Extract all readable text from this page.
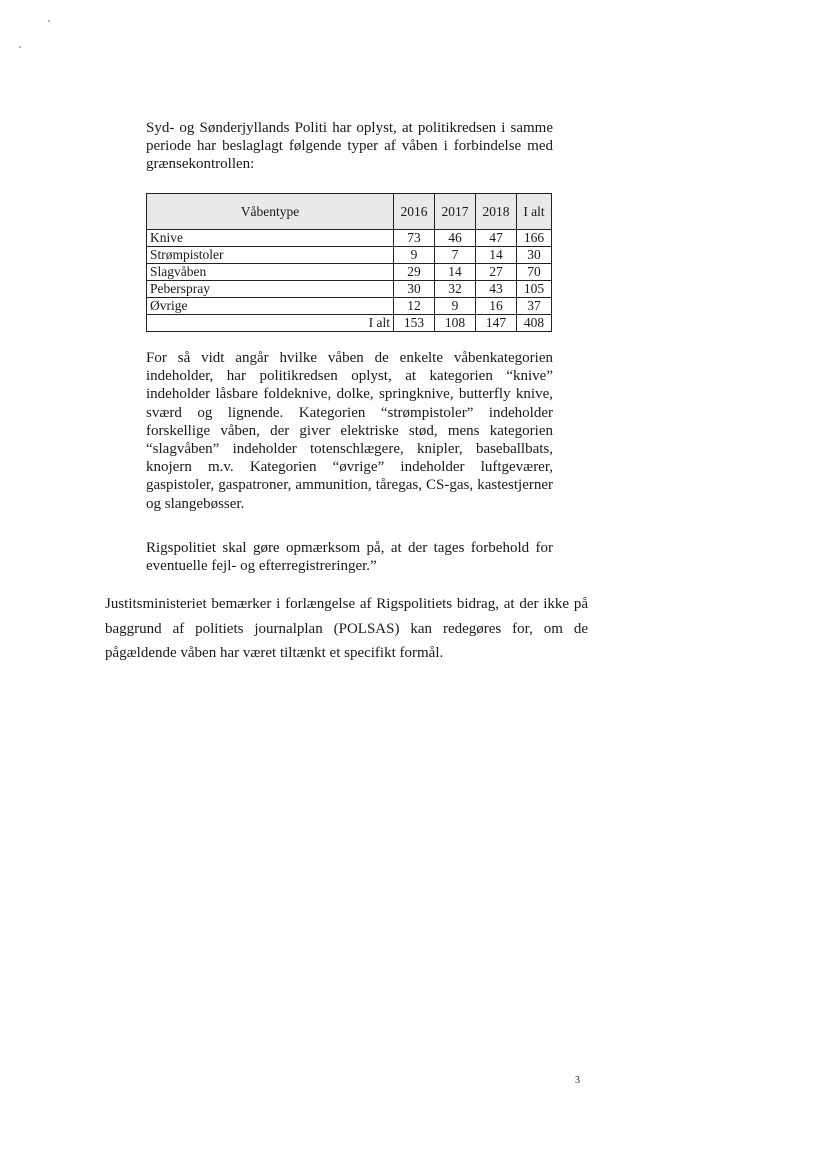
Syd- og Sønderjyllands Politi har oplyst, at politikredsen i samme periode har beslaglagt følgende typer af våben i forbindelse med grænsekontrollen:

Våbentype	2016	2017	2018	I alt
Knive	73	46	47	166
Strømpistoler	9	7	14	30
Slagvåben	29	14	27	70
Peberspray	30	32	43	105
Øvrige	12	9	16	37
I alt	153	108	147	408

For så vidt angår hvilke våben de enkelte våbenkategorien indeholder, har politikredsen oplyst, at kategorien “knive” indeholder låsbare foldeknive, dolke, springknive, butterfly knive, sværd og lignende. Kategorien “strømpistoler” indeholder forskellige våben, der giver elektriske stød, mens kategorien “slagvåben” indeholder totenschlægere, knipler, baseballbats, knojern m.v. Kategorien “øvrige” indeholder luftgeværer, gaspistoler, gaspatroner, ammunition, tåregas, CS-gas, kastestjerner og slangebøsser.

Rigspolitiet skal gøre opmærksom på, at der tages forbehold for eventuelle fejl- og efterregistreringer.”

Justitsministeriet bemærker i forlængelse af Rigspolitiets bidrag, at der ikke på baggrund af politiets journalplan (POLSAS) kan redegøres for, om de pågældende våben har været tiltænkt et specifikt formål.

3
